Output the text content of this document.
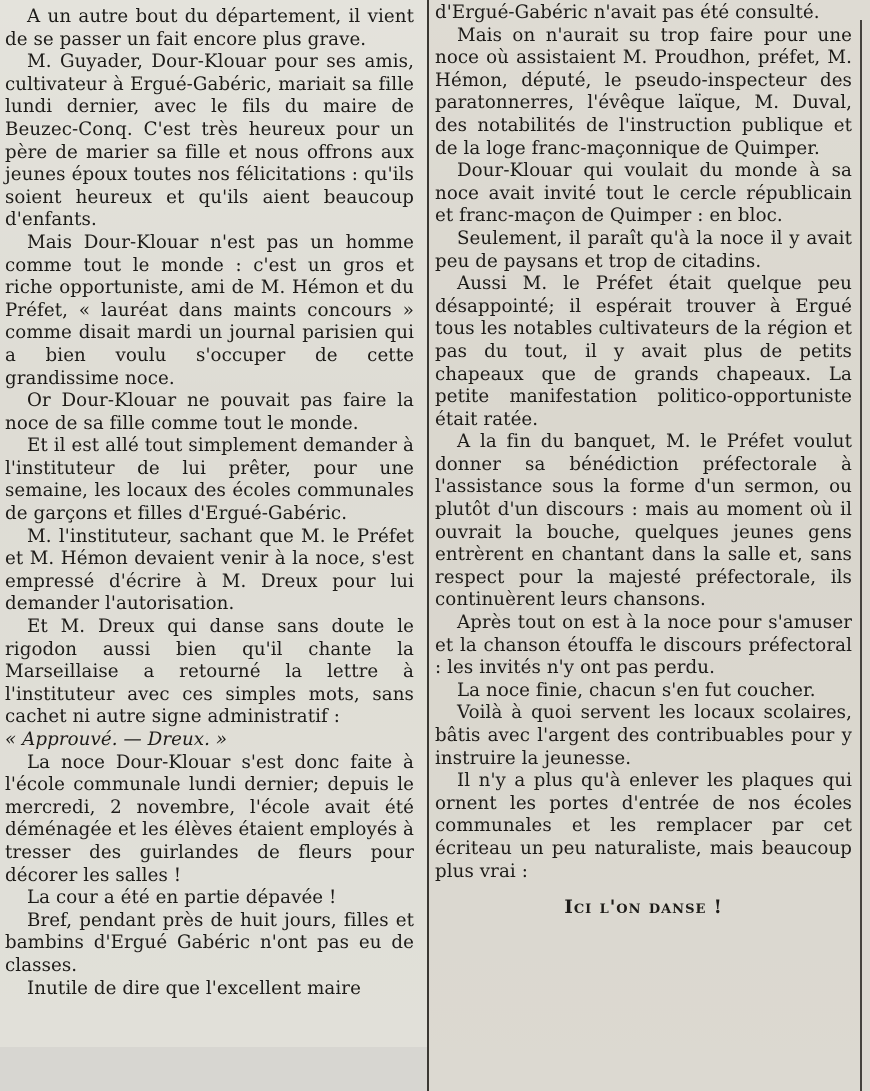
A un autre bout du département, il vient de se passer un fait encore plus grave.

M. Guyader, Dour-Klouar pour ses amis, cultivateur à Ergué-Gabéric, mariait sa fille lundi dernier, avec le fils du maire de Beuzec-Conq. C'est très heureux pour un père de marier sa fille et nous offrons aux jeunes époux toutes nos félicitations : qu'ils soient heureux et qu'ils aient beaucoup d'enfants.

Mais Dour-Klouar n'est pas un homme comme tout le monde : c'est un gros et riche opportuniste, ami de M. Hémon et du Préfet, « lauréat dans maints concours » comme disait mardi un journal parisien qui a bien voulu s'occuper de cette grandissime noce.

Or Dour-Klouar ne pouvait pas faire la noce de sa fille comme tout le monde.

Et il est allé tout simplement demander à l'instituteur de lui prêter, pour une semaine, les locaux des écoles communales de garçons et filles d'Ergué-Gabéric.

M. l'instituteur, sachant que M. le Préfet et M. Hémon devaient venir à la noce, s'est empressé d'écrire à M. Dreux pour lui demander l'autorisation.

Et M. Dreux qui danse sans doute le rigodon aussi bien qu'il chante la Marseillaise a retourné la lettre à l'instituteur avec ces simples mots, sans cachet ni autre signe administratif :

« Approuvé. — Dreux. »

La noce Dour-Klouar s'est donc faite à l'école communale lundi dernier; depuis le mercredi, 2 novembre, l'école avait été déménagée et les élèves étaient employés à tresser des guirlandes de fleurs pour décorer les salles !

La cour a été en partie dépavée !

Bref, pendant près de huit jours, filles et bambins d'Ergué Gabéric n'ont pas eu de classes.

Inutile de dire que l'excellent maire

d'Ergué-Gabéric n'avait pas été consulté.

Mais on n'aurait su trop faire pour une noce où assistaient M. Proudhon, préfet, M. Hémon, député, le pseudo-inspecteur des paratonnerres, l'évêque laïque, M. Duval, des notabilités de l'instruction publique et de la loge franc-maçonnique de Quimper.

Dour-Klouar qui voulait du monde à sa noce avait invité tout le cercle républicain et franc-maçon de Quimper : en bloc.

Seulement, il paraît qu'à la noce il y avait peu de paysans et trop de citadins.

Aussi M. le Préfet était quelque peu désappointé; il espérait trouver à Ergué tous les notables cultivateurs de la région et pas du tout, il y avait plus de petits chapeaux que de grands chapeaux. La petite manifestation politico-opportuniste était ratée.

A la fin du banquet, M. le Préfet voulut donner sa bénédiction préfectorale à l'assistance sous la forme d'un sermon, ou plutôt d'un discours : mais au moment où il ouvrait la bouche, quelques jeunes gens entrèrent en chantant dans la salle et, sans respect pour la majesté préfectorale, ils continuèrent leurs chansons.

Après tout on est à la noce pour s'amuser et la chanson étouffa le discours préfectoral : les invités n'y ont pas perdu.

La noce finie, chacun s'en fut coucher.

Voilà à quoi servent les locaux scolaires, bâtis avec l'argent des contribuables pour y instruire la jeunesse.

Il n'y a plus qu'à enlever les plaques qui ornent les portes d'entrée de nos écoles communales et les remplacer par cet écriteau un peu naturaliste, mais beaucoup plus vrai :

Ici l'on danse !
